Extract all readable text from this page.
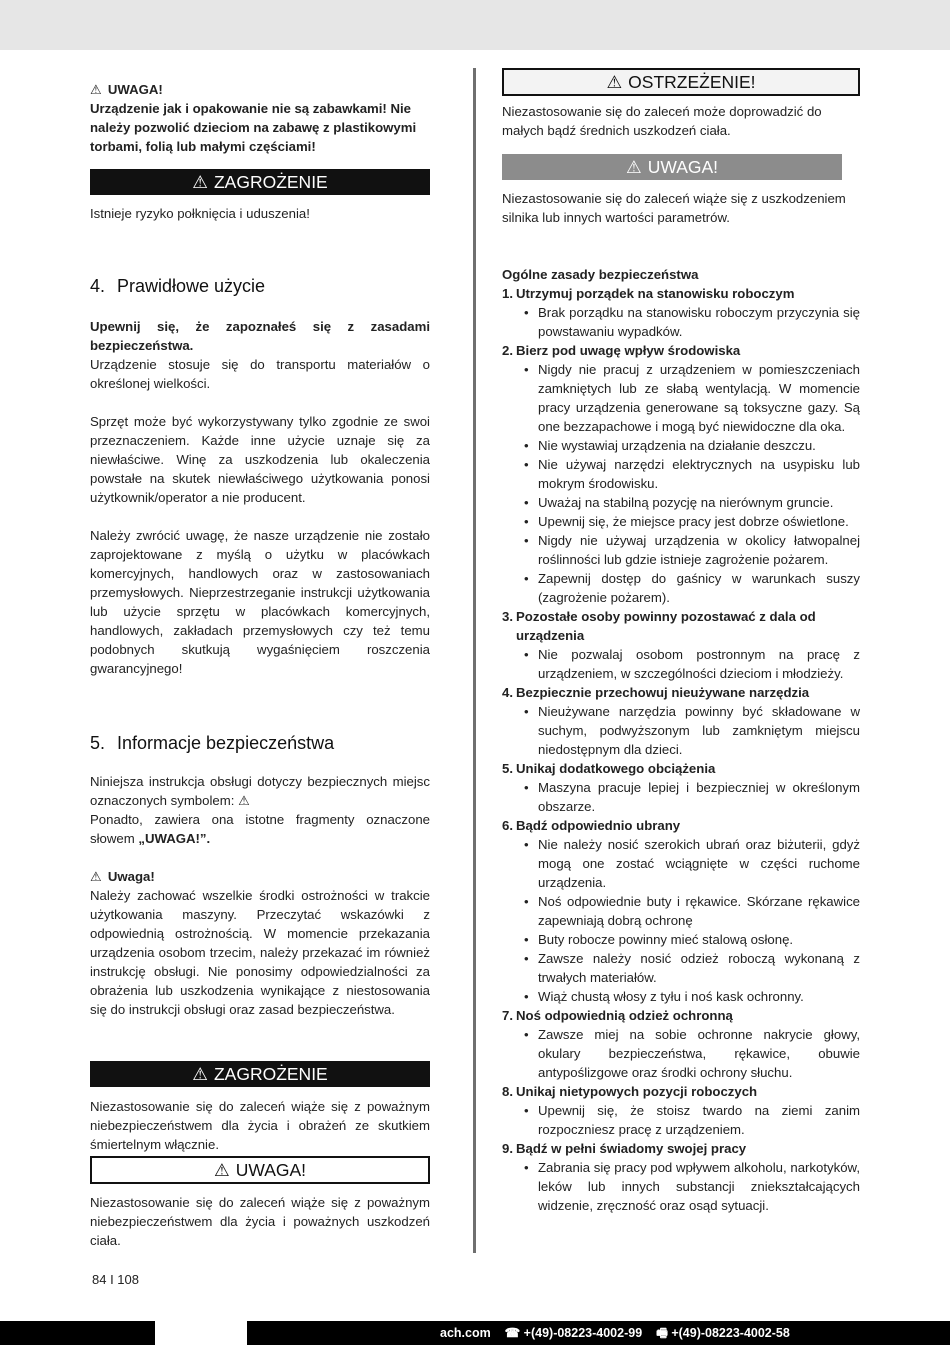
⚠ UWAGA!

Urządzenie jak i opakowanie nie są zabawkami! Nie należy pozwolić dzieciom na zabawę z plastikowymi torbami, folią lub małymi częściami!

⚠ ZAGROŻENIE

Istnieje ryzyko połknięcia i uduszenia!

4. Prawidłowe użycie

Upewnij się, że zapoznałeś się z zasadami bezpieczeństwa.

Urządzenie stosuje się do transportu materiałów o określonej wielkości.

Sprzęt może być wykorzystywany tylko zgodnie ze swoi przeznaczeniem. Każde inne użycie uznaje się za niewłaściwe. Winę za uszkodzenia lub okaleczenia powstałe na skutek niewłaściwego użytkowania ponosi użytkownik/operator a nie producent.

Należy zwrócić uwagę, że nasze urządzenie nie zostało zaprojektowane z myślą o użytku w placówkach komercyjnych, handlowych oraz w zastosowaniach przemysłowych. Nieprzestrzeganie instrukcji użytkowania lub użycie sprzętu w placówkach komercyjnych, handlowych, zakładach przemysłowych czy też temu podobnych skutkują wygaśnięciem roszczenia gwarancyjnego!

5. Informacje bezpieczeństwa

Niniejsza instrukcja obsługi dotyczy bezpiecznych miejsc oznaczonych symbolem: ⚠

Ponadto, zawiera ona istotne fragmenty oznaczone słowem „UWAGA!”.

⚠ Uwaga!

Należy zachować wszelkie środki ostrożności w trakcie użytkowania maszyny. Przeczytać wskazówki z odpowiednią ostrożnością. W momencie przekazania urządzenia osobom trzecim, należy przekazać im również instrukcję obsługi. Nie ponosimy odpowiedzialności za obrażenia lub uszkodzenia wynikające z niestosowania się do instrukcji obsługi oraz zasad bezpieczeństwa.

⚠ ZAGROŻENIE

Niezastosowanie się do zaleceń wiąże się z poważnym niebezpieczeństwem dla życia i obrażeń ze skutkiem śmiertelnym włącznie.

⚠ UWAGA!

Niezastosowanie się do zaleceń wiąże się z poważnym niebezpieczeństwem dla życia i poważnych uszkodzeń ciała.

⚠ OSTRZEŻENIE!

Niezastosowanie się do zaleceń może doprowadzić do małych bądź średnich uszkodzeń ciała.

⚠ UWAGA!

Niezastosowanie się do zaleceń wiąże się z uszkodzeniem silnika lub innych wartości parametrów.

Ogólne zasady bezpieczeństwa

1. Utrzymuj porządek na stanowisku roboczym
• Brak porządku na stanowisku roboczym przyczynia się powstawaniu wypadków.
2. Bierz pod uwagę wpływ środowiska
• Nigdy nie pracuj z urządzeniem w pomieszczeniach zamkniętych lub ze słabą wentylacją. W momencie pracy urządzenia generowane są toksyczne gazy. Są one bezzapachowe i mogą być niewidoczne dla oka.
• Nie wystawiaj urządzenia na działanie deszczu.
• Nie używaj narzędzi elektrycznych na usypisku lub mokrym środowisku.
• Uważaj na stabilną pozycję na nierównym gruncie.
• Upewnij się, że miejsce pracy jest dobrze oświetlone.
• Nigdy nie używaj urządzenia w okolicy łatwopalnej roślinności lub gdzie istnieje zagrożenie pożarem.
• Zapewnij dostęp do gaśnicy w warunkach suszy (zagrożenie pożarem).
3. Pozostałe osoby powinny pozostawać z dala od urządzenia
• Nie pozwalaj osobom postronnym na pracę z urządzeniem, w szczególności dzieciom i młodzieży.
4. Bezpiecznie przechowuj nieużywane narzędzia
• Nieużywane narzędzia powinny być składowane w suchym, podwyższonym lub zamkniętym miejscu niedostępnym dla dzieci.
5. Unikaj dodatkowego obciążenia
• Maszyna pracuje lepiej i bezpieczniej w określonym obszarze.
6. Bądź odpowiednio ubrany
• Nie należy nosić szerokich ubrań oraz biżuterii, gdyż mogą one zostać wciągnięte w części ruchome urządzenia.
• Noś odpowiednie buty i rękawice. Skórzane rękawice zapewniają dobrą ochronę
• Buty robocze powinny mieć stalową osłonę.
• Zawsze należy nosić odzież roboczą wykonaną z trwałych materiałów.
• Wiąż chustą włosy z tyłu i noś kask ochronny.
7. Noś odpowiednią odzież ochronną
• Zawsze miej na sobie ochronne nakrycie głowy, okulary bezpieczeństwa, rękawice, obuwie antypoślizgowe oraz środki ochrony słuchu.
8. Unikaj nietypowych pozycji roboczych
• Upewnij się, że stoisz twardo na ziemi zanim rozpoczniesz pracę z urządzeniem.
9. Bądź w pełni świadomy swojej pracy
• Zabrania się pracy pod wpływem alkoholu, narkotyków, leków lub innych substancji zniekształcających widzenie, zręczność oraz osąd sytuacji.
84 I 108
ach.com ☎ +(49)-08223-4002-99 🖷 +(49)-08223-4002-58
